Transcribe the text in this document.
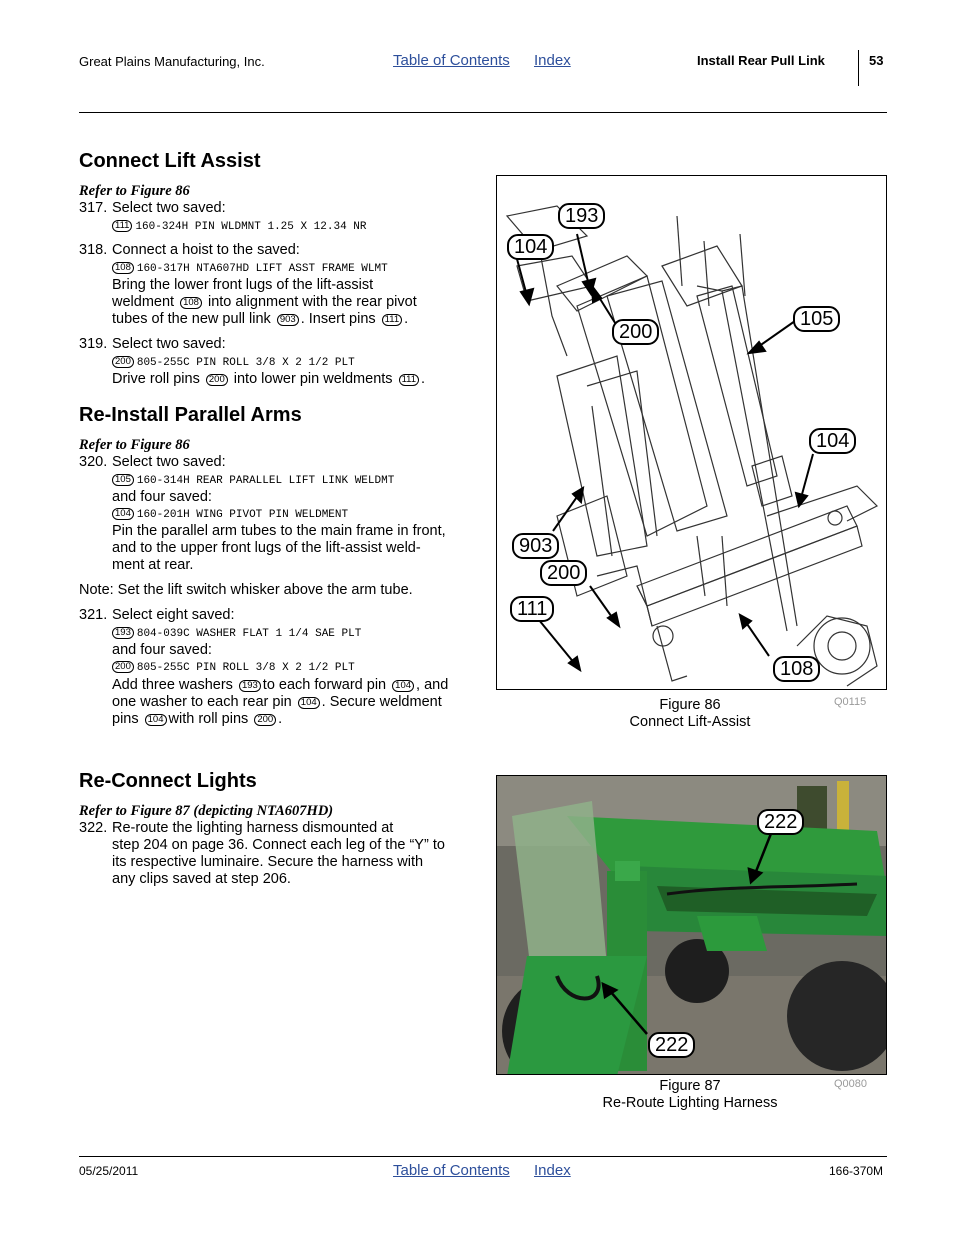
Great Plains Manufacturing, Inc.	Table of Contents Index	Install Rear Pull Link	53
Connect Lift Assist
Refer to Figure 86
317. Select two saved:
111 160-324H PIN WLDMNT 1.25 X 12.34 NR
318. Connect a hoist to the saved:
108 160-317H NTA607HD LIFT ASST FRAME WLMT
Bring the lower front lugs of the lift-assist
weldment 108 into alignment with the rear pivot
tubes of the new pull link 903 . Insert pins 111 .
319. Select two saved:
200 805-255C PIN ROLL 3/8 X 2 1/2 PLT
Drive roll pins 200 into lower pin weldments 111 .
Re-Install Parallel Arms
Refer to Figure 86
320. Select two saved:
105 160-314H REAR PARALLEL LIFT LINK WELDMT
and four saved:
104 160-201H WING PIVOT PIN WELDMENT
Pin the parallel arm tubes to the main frame in front,
and to the upper front lugs of the lift-assist weld-
ment at rear.
Note: Set the lift switch whisker above the arm tube.
321. Select eight saved:
193 804-039C WASHER FLAT 1 1/4 SAE PLT
and four saved:
200 805-255C PIN ROLL 3/8 X 2 1/2 PLT
Add three washers 193 to each forward pin 104 , and
one washer to each rear pin 104 . Secure weldment
pins 104 with roll pins 200 .
Re-Connect Lights
Refer to Figure 87 (depicting NTA607HD)
322. Re-route the lighting harness dismounted at
step 204 on page 36. Connect each leg of the “Y” to
its respective luminaire. Secure the harness with
any clips saved at step 206.
193
104
200
105
104
903
200
111
108
Figure 86
Connect Lift-Assist
Q0115
222
222
Figure 87
Re-Route Lighting Harness
Q0080
05/25/2011	Table of Contents Index	166-370M
